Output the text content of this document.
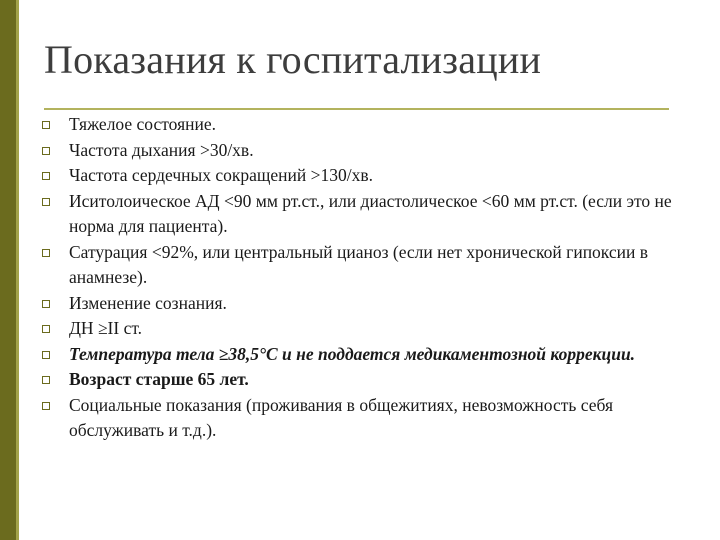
Показания к госпитализации
Тяжелое состояние.
Частота дыхания >30/хв.
Частота сердечных сокращений >130/хв.
Иситолоическое АД <90 мм рт.ст., или диастолическое <60 мм рт.ст. (если это не норма для пациента).
Сатурация <92%, или центральный цианоз (если нет хронической гипоксии в анамнезе).
Изменение сознания.
ДН ≥II ст.
Температура тела ≥38,5°С и не поддается медикаментозной коррекции.
Возраст старше 65 лет.
Социальные показания (проживания в общежитиях, невозможность себя обслуживать и т.д.).
